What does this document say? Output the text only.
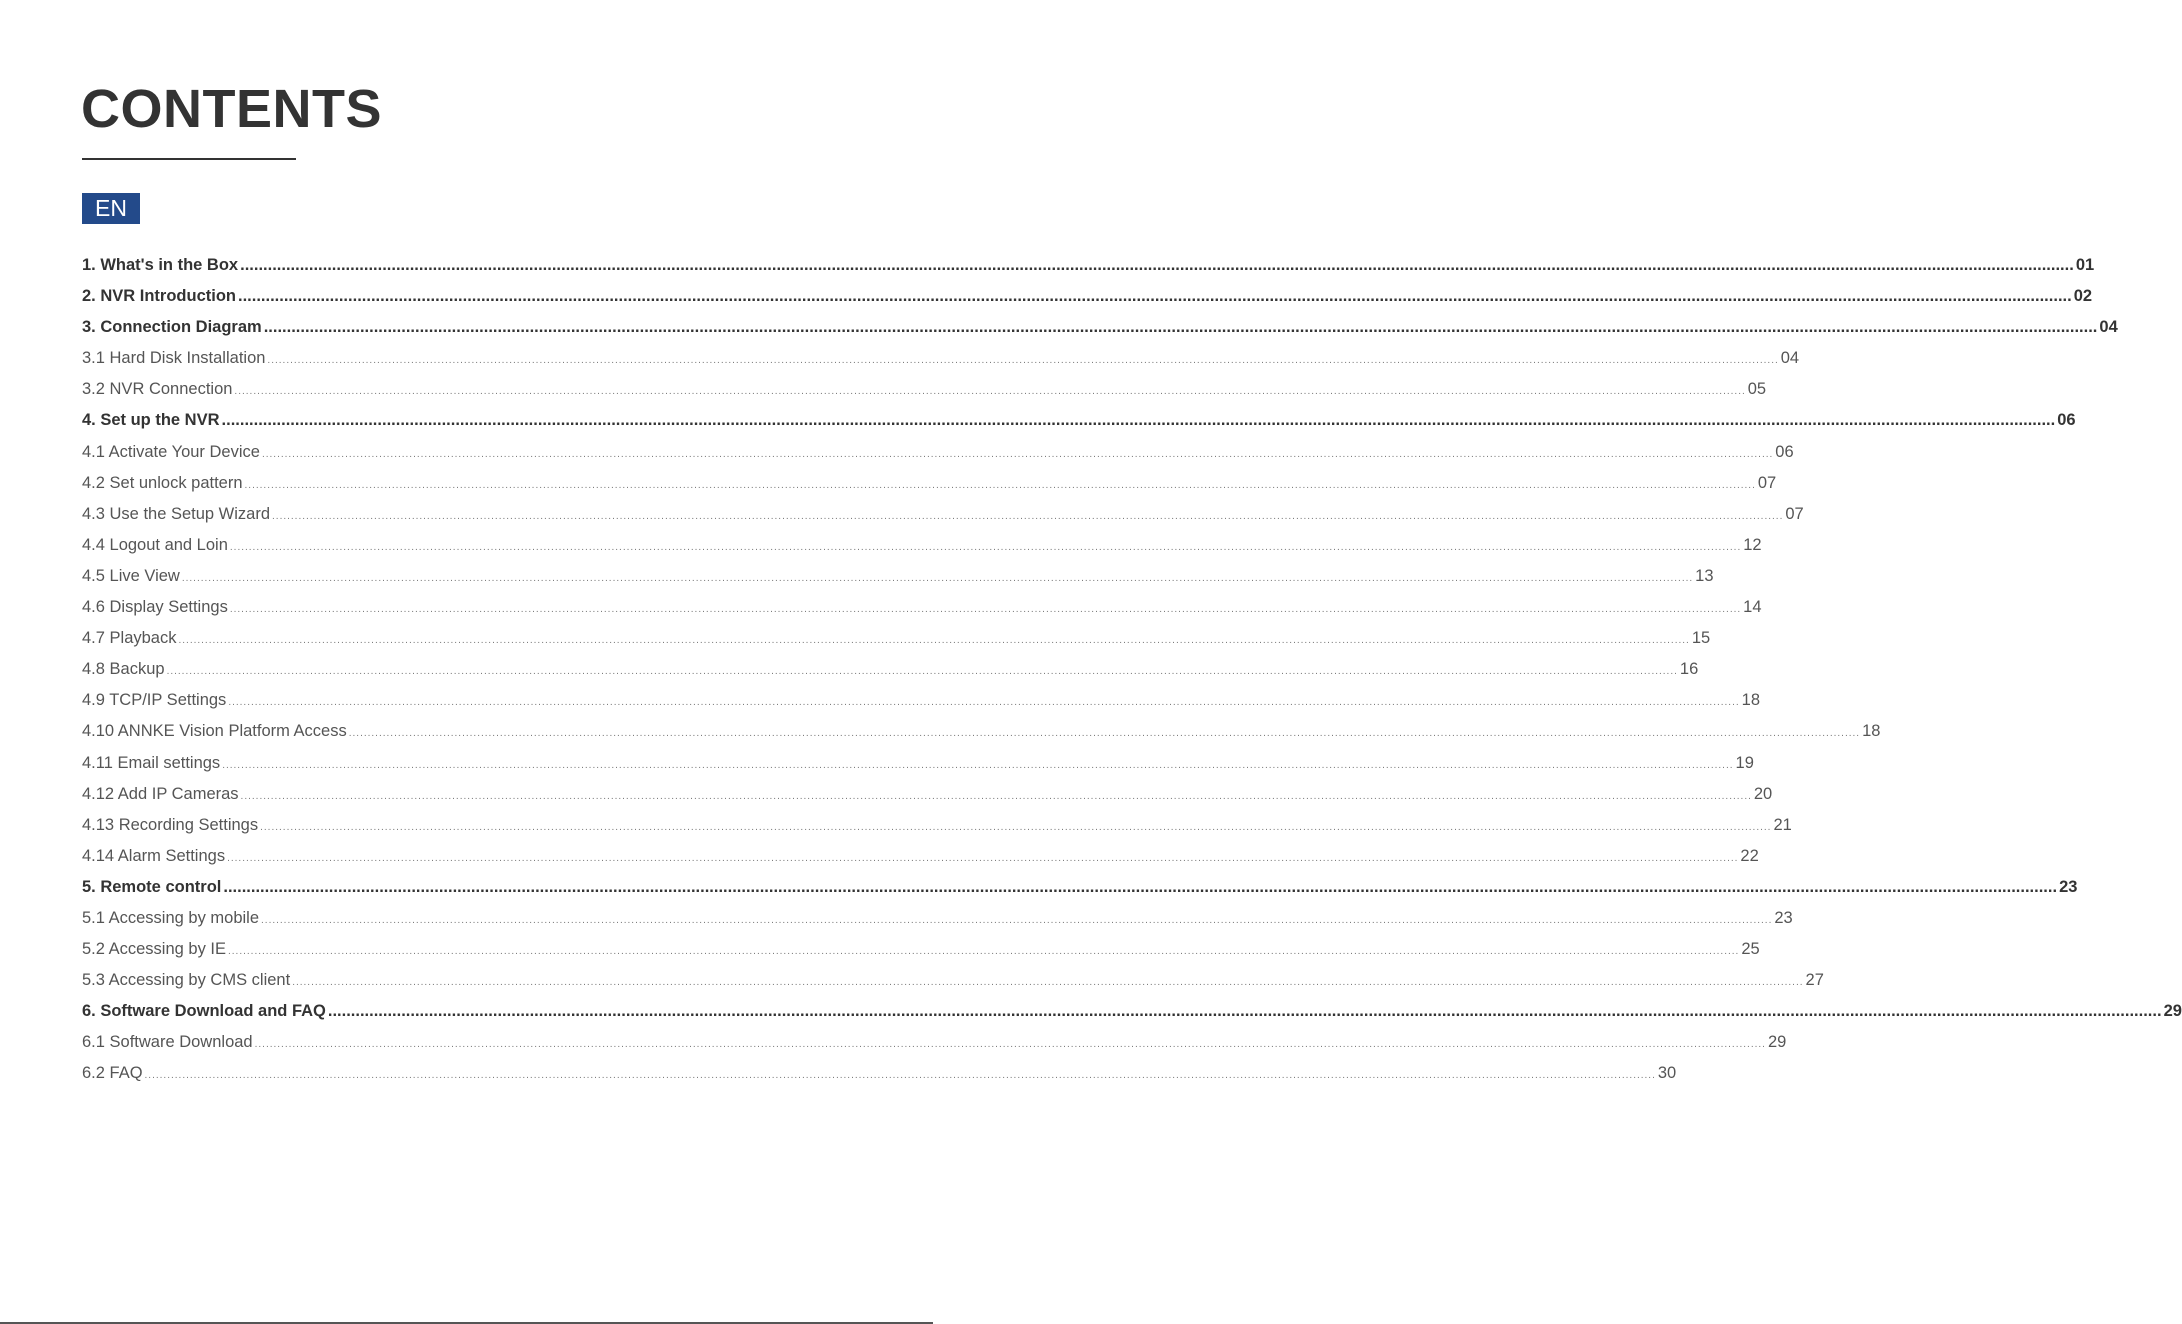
CONTENTS
EN
1. What's in the Box ................................................................................................................................................................................................................................................................................................................................................................................................................ 01
2. NVR Introduction ................................................................................................................................................................................................................................................................................................................................................................................................................ 02
3. Connection Diagram ................................................................................................................................................................................................................................................................................................................................................................................................................ 04
3.1 Hard Disk Installation ................................................................................................................................................................................................................................................................................................................................................................................................................ 04
3.2 NVR Connection ................................................................................................................................................................................................................................................................................................................................................................................................................ 05
4. Set up the NVR ................................................................................................................................................................................................................................................................................................................................................................................................................ 06
4.1 Activate Your Device ................................................................................................................................................................................................................................................................................................................................................................................................................ 06
4.2 Set unlock pattern ................................................................................................................................................................................................................................................................................................................................................................................................................ 07
4.3 Use the Setup Wizard ................................................................................................................................................................................................................................................................................................................................................................................................................ 07
4.4 Logout and Loin ................................................................................................................................................................................................................................................................................................................................................................................................................ 12
4.5 Live View ................................................................................................................................................................................................................................................................................................................................................................................................................ 13
4.6 Display Settings ................................................................................................................................................................................................................................................................................................................................................................................................................ 14
4.7 Playback ................................................................................................................................................................................................................................................................................................................................................................................................................ 15
4.8 Backup ................................................................................................................................................................................................................................................................................................................................................................................................................ 16
4.9 TCP/IP Settings ................................................................................................................................................................................................................................................................................................................................................................................................................ 18
4.10 ANNKE Vision Platform Access ................................................................................................................................................................................................................................................................................................................................................................................................................ 18
4.11 Email settings ................................................................................................................................................................................................................................................................................................................................................................................................................ 19
4.12 Add IP Cameras ................................................................................................................................................................................................................................................................................................................................................................................................................ 20
4.13 Recording Settings ................................................................................................................................................................................................................................................................................................................................................................................................................ 21
4.14 Alarm Settings ................................................................................................................................................................................................................................................................................................................................................................................................................ 22
5. Remote control ................................................................................................................................................................................................................................................................................................................................................................................................................ 23
5.1 Accessing by mobile ................................................................................................................................................................................................................................................................................................................................................................................................................ 23
5.2 Accessing by IE ................................................................................................................................................................................................................................................................................................................................................................................................................ 25
5.3 Accessing by CMS client ................................................................................................................................................................................................................................................................................................................................................................................................................ 27
6. Software Download and FAQ ................................................................................................................................................................................................................................................................................................................................................................................................................ 29
6.1 Software Download ................................................................................................................................................................................................................................................................................................................................................................................................................ 29
6.2 FAQ ................................................................................................................................................................................................................................................................................................................................................................................................................ 30
